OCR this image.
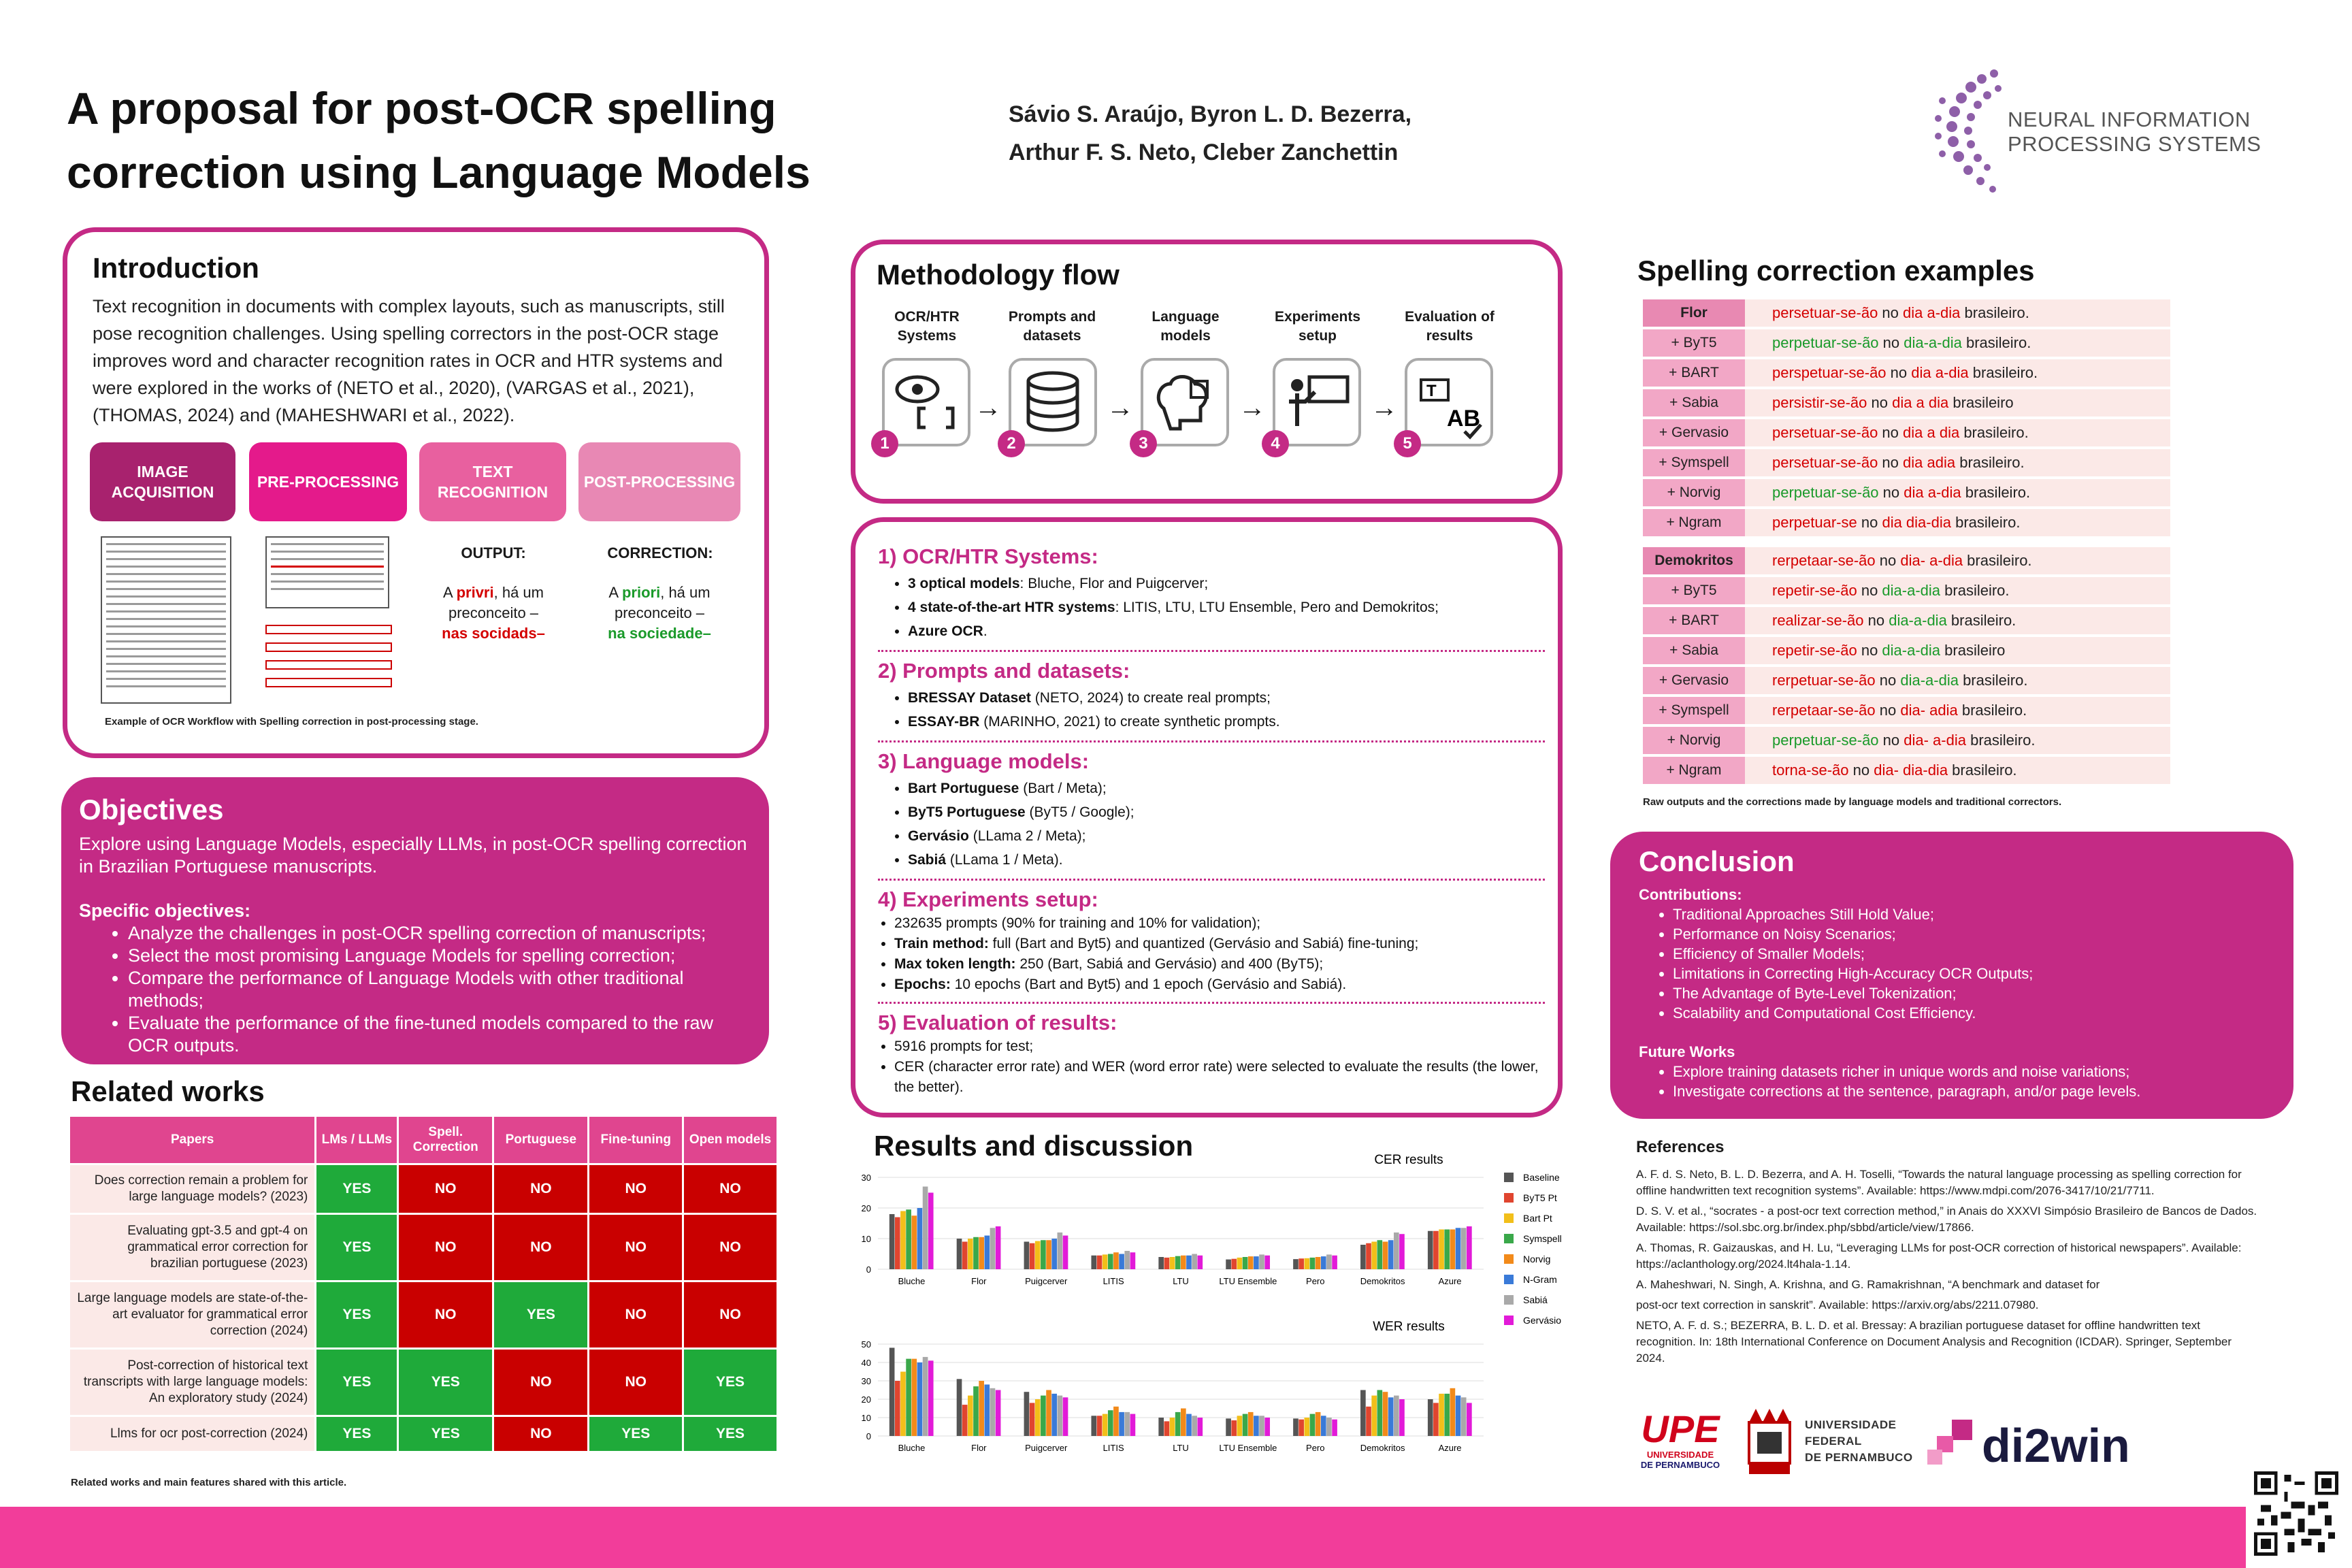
A proposal for post-OCR spelling correction using Language Models
Sávio S. Araújo, Byron L. D. Bezerra,
Arthur F. S. Neto, Cleber Zanchettin
NEURAL INFORMATION
PROCESSING SYSTEMS
Introduction
Text recognition in documents with complex layouts, such as manuscripts, still pose recognition challenges. Using spelling correctors in the post-OCR stage improves word and character recognition rates in OCR and HTR systems and were explored in the works of (NETO et al., 2020), (VARGAS et al., 2021), (THOMAS, 2024) and (MAHESHWARI et al., 2022).
IMAGE ACQUISITION
PRE-PROCESSING
TEXT RECOGNITION
POST-PROCESSING
OUTPUT:
A privri, há um preconceito –
nas socidads–
CORRECTION:
A priori, há um preconceito –
na sociedade–
Example of OCR Workflow with Spelling correction in post-processing stage.
Objectives
Explore using Language Models, especially LLMs, in post-OCR spelling correction in Brazilian Portuguese manuscripts.
Specific objectives:
• Analyze the challenges in post-OCR spelling correction of manuscripts;
• Select the most promising Language Models for spelling correction;
• Compare the performance of Language Models with other traditional methods;
• Evaluate the performance of the fine-tuned models compared to the raw OCR outputs.
Related works
Papers	LMs / LLMs	Spell. Correction	Portuguese	Fine-tuning	Open models
Does correction remain a problem for large language models? (2023)	YES	NO	NO	NO	NO
Evaluating gpt-3.5 and gpt-4 on grammatical error correction for brazilian portuguese (2023)	YES	NO	NO	NO	NO
Large language models are state-of-the-art evaluator for grammatical error correction (2024)	YES	NO	YES	NO	NO
Post-correction of historical text transcripts with large language models: An exploratory study (2024)	YES	YES	NO	NO	YES
Llms for ocr post-correction (2024)	YES	YES	NO	YES	YES
Related works and main features shared with this article.
Methodology flow
OCR/HTR Systems
Prompts and datasets
Language models
Experiments setup
Evaluation of results
→	→	→	→
T
AB
1	2	3	4	5
1) OCR/HTR Systems:
• 3 optical models: Bluche, Flor and Puigcerver;
• 4 state-of-the-art HTR systems: LITIS, LTU, LTU Ensemble, Pero and Demokritos;
• Azure OCR.
2) Prompts and datasets:
• BRESSAY Dataset (NETO, 2024) to create real prompts;
• ESSAY-BR (MARINHO, 2021) to create synthetic prompts.
3) Language models:
• Bart Portuguese (Bart / Meta);
• ByT5 Portuguese (ByT5 / Google);
• Gervásio (LLama 2 / Meta);
• Sabiá (LLama 1 / Meta).
4) Experiments setup:
• 232635 prompts (90% for training and 10% for validation);
• Train method: full (Bart and Byt5) and quantized (Gervásio and Sabiá) fine-tuning;
• Max token length: 250 (Bart, Sabiá and Gervásio) and 400 (ByT5);
• Epochs: 10 epochs (Bart and Byt5) and 1 epoch (Gervásio and Sabiá).
5) Evaluation of results:
• 5916 prompts for test;
• CER (character error rate) and WER (word error rate) were selected to evaluate the results (the lower, the better).
Results and discussion	CER results
0
10
20
30
Bluche	Flor	Puigcerver	LITIS	LTU	LTU Ensemble	Pero	Demokritos	Azure
WER results
0
10
20
30
40
50
Bluche	Flor	Puigcerver	LITIS	LTU	LTU Ensemble	Pero	Demokritos	Azure
Baseline
ByT5 Pt
Bart Pt
Symspell
Norvig
N-Gram
Sabiá
Gervásio
Spelling correction examples
Flor	persetuar-se-ão no dia a-dia brasileiro.
+ ByT5	perpetuar-se-ão no dia-a-dia brasileiro.
+ BART	perspetuar-se-ão no dia a-dia brasileiro.
+ Sabia	persistir-se-ão no dia a dia brasileiro
+ Gervasio	persetuar-se-ão no dia a dia brasileiro.
+ Symspell	persetuar-se-ão no dia adia brasileiro.
+ Norvig	perpetuar-se-ão no dia a-dia brasileiro.
+ Ngram	perpetuar-se no dia dia-dia brasileiro.
Demokritos	rerpetaar-se-ão no dia- a-dia brasileiro.
+ ByT5	repetir-se-ão no dia-a-dia brasileiro.
+ BART	realizar-se-ão no dia-a-dia brasileiro.
+ Sabia	repetir-se-ão no dia-a-dia brasileiro
+ Gervasio	rerpetuar-se-ão no dia-a-dia brasileiro.
+ Symspell	rerpetaar-se-ão no dia- adia brasileiro.
+ Norvig	perpetuar-se-ão no dia- a-dia brasileiro.
+ Ngram	torna-se-ão no dia- dia-dia brasileiro.
Raw outputs and the corrections made by language models and traditional correctors.
Conclusion
Contributions:
• Traditional Approaches Still Hold Value;
• Performance on Noisy Scenarios;
• Efficiency of Smaller Models;
• Limitations in Correcting High-Accuracy OCR Outputs;
• The Advantage of Byte-Level Tokenization;
• Scalability and Computational Cost Efficiency.
Future Works
• Explore training datasets richer in unique words and noise variations;
• Investigate corrections at the sentence, paragraph, and/or page levels.
References
A. F. d. S. Neto, B. L. D. Bezerra, and A. H. Toselli, “Towards the natural language processing as spelling correction for offline handwritten text recognition systems”. Available: https://www.mdpi.com/2076-3417/10/21/7711.
D. S. V. et al., “socrates - a post-ocr text correction method,” in Anais do XXXVI Simpósio Brasileiro de Bancos de Dados. Available: https://sol.sbc.org.br/index.php/sbbd/article/view/17866.
A. Thomas, R. Gaizauskas, and H. Lu, “Leveraging LLMs for post-OCR correction of historical newspapers”. Available: https://aclanthology.org/2024.lt4hala-1.14.
A. Maheshwari, N. Singh, A. Krishna, and G. Ramakrishnan, “A benchmark and dataset for
post-ocr text correction in sanskrit”. Available: https://arxiv.org/abs/2211.07980.
NETO, A. F. d. S.; BEZERRA, B. L. D. et al. Bressay: A brazilian portuguese dataset for offline handwritten text recognition. In: 18th International Conference on Document Analysis and Recognition (ICDAR). Springer, September 2024.
UPE
UNIVERSIDADE
DE PERNAMBUCO
UNIVERSIDADE
FEDERAL
DE PERNAMBUCO di2win
